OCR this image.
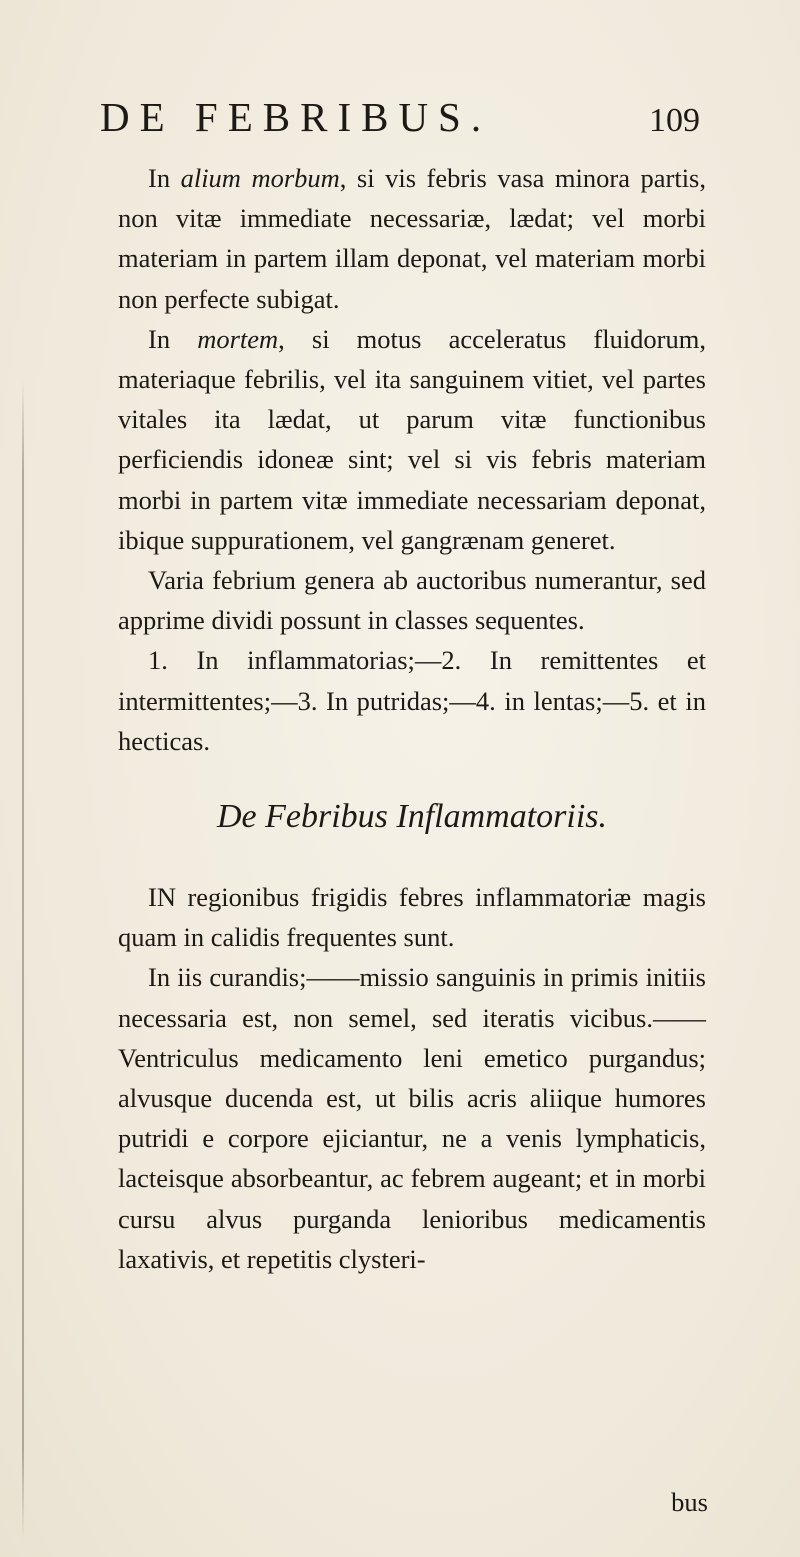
DE FEBRIBUS.	109

In alium morbum, si vis febris vasa minora partis, non vitæ immediate necessariæ, lædat; vel morbi materiam in partem illam deponat, vel materiam morbi non perfecte subigat.

In mortem, si motus acceleratus fluidorum, materiaque febrilis, vel ita sanguinem vitiet, vel partes vitales ita lædat, ut parum vitæ functionibus perficiendis idoneæ sint; vel si vis febris materiam morbi in partem vitæ immediate necessariam deponat, ibique suppurationem, vel gangrænam generet.

Varia febrium genera ab auctoribus numerantur, sed apprime dividi possunt in classes sequentes.

1. In inflammatorias;—2. In remittentes et intermittentes;—3. In putridas;—4. in lentas;—5. et in hecticas.

De Febribus Inflammatoriis.

IN regionibus frigidis febres inflammatoriæ magis quam in calidis frequentes sunt.

In iis curandis;——missio sanguinis in primis initiis necessaria est, non semel, sed iteratis vicibus.——Ventriculus medicamento leni emetico purgandus; alvusque ducenda est, ut bilis acris aliique humores putridi e corpore ejiciantur, ne a venis lymphaticis, lacteisque absorbeantur, ac febrem augeant; et in morbi cursu alvus purganda lenioribus medicamentis laxativis, et repetitis clysteri-

bus
